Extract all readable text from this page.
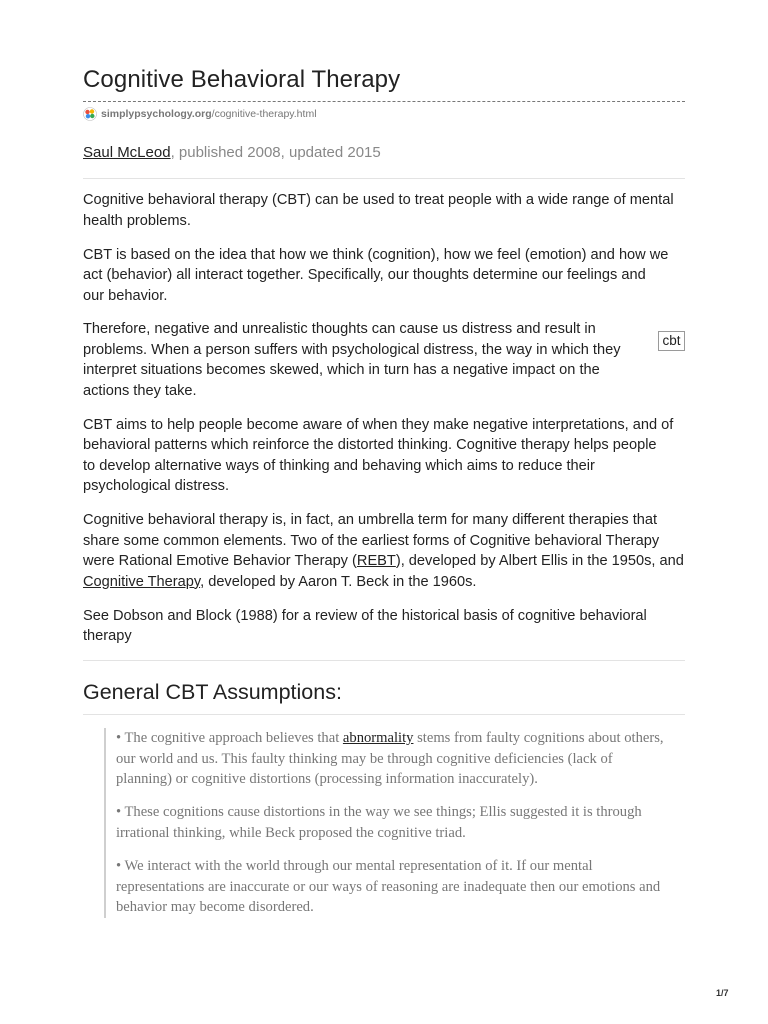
Cognitive Behavioral Therapy
simplypsychology.org /cognitive-therapy.html
Saul McLeod, published 2008, updated 2015

Cognitive behavioral therapy (CBT) can be used to treat people with a wide range of mental health problems.

CBT is based on the idea that how we think (cognition), how we feel (emotion) and how we
act (behavior) all interact together. Specifically, our thoughts determine our feelings and
our behavior.

Therefore, negative and unrealistic thoughts can cause us distress and result in
problems. When a person suffers with psychological distress, the way in which they
interpret situations becomes skewed, which in turn has a negative impact on the
actions they take.

cbt

CBT aims to help people become aware of when they make negative interpretations, and of
behavioral patterns which reinforce the distorted thinking. Cognitive therapy helps people
to develop alternative ways of thinking and behaving which aims to reduce their
psychological distress.

Cognitive behavioral therapy is, in fact, an umbrella term for many different therapies that
share some common elements. Two of the earliest forms of Cognitive behavioral Therapy
were Rational Emotive Behavior Therapy (REBT), developed by Albert Ellis in the 1950s, and
Cognitive Therapy, developed by Aaron T. Beck in the 1960s.

See Dobson and Block (1988) for a review of the historical basis of cognitive behavioral
therapy

General CBT Assumptions:

• The cognitive approach believes that abnormality stems from faulty cognitions about others,
our world and us. This faulty thinking may be through cognitive deficiencies (lack of
planning) or cognitive distortions (processing information inaccurately).

• These cognitions cause distortions in the way we see things; Ellis suggested it is through
irrational thinking, while Beck proposed the cognitive triad.

• We interact with the world through our mental representation of it. If our mental
representations are inaccurate or our ways of reasoning are inadequate then our emotions and
behavior may become disordered.

1/7
